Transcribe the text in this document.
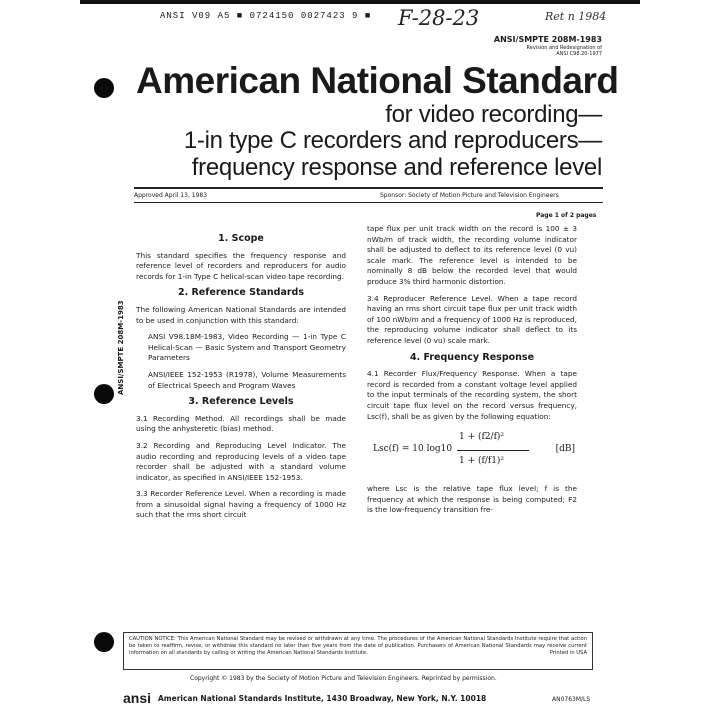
ANSI V09 A5 ■ 0724150 0027423 9 ■ F-28-23	Ret n 1984
ANSI/SMPTE 208M-1983
Revision and Redesignation of
ANSI C98.20-1977
American National Standard
for video recording—
1-in type C recorders and reproducers—
frequency response and reference level
Approved April 13, 1983	Sponsor: Society of Motion Picture and Television Engineers
Page 1 of 2 pages
ANSI/SMPTE 208M-1983
1. Scope

This standard specifies the frequency response and reference level of recorders and reproducers for audio records for 1-in Type C helical-scan video tape recording.

2. Reference Standards

The following American National Standards are intended to be used in conjunction with this standard:

ANSI V98.18M-1983, Video Recording — 1-in Type C Helical-Scan — Basic System and Transport Geometry Parameters

ANSI/IEEE 152-1953 (R1978), Volume Measurements of Electrical Speech and Program Waves

3. Reference Levels

3.1 Recording Method. All recordings shall be made using the anhysteretic (bias) method.

3.2 Recording and Reproducing Level Indicator. The audio recording and reproducing levels of a video tape recorder shall be adjusted with a standard volume indicator, as specified in ANSI/IEEE 152-1953.

3.3 Recorder Reference Level. When a recording is made from a sinusoidal signal having a frequency of 1000 Hz such that the rms short circuit

tape flux per unit track width on the record is 100 ± 3 nWb/m of track width, the recording volume indicator shall be adjusted to deflect to its reference level (0 vu) scale mark. The reference level is intended to be nominally 8 dB below the recorded level that would produce 3% third harmonic distortion.

3.4 Reproducer Reference Level. When a tape record having an rms short circuit tape flux per unit track width of 100 nWb/m and a frequency of 1000 Hz is reproduced, the reproducing volume indicator shall deflect to its reference level (0 vu) scale mark.

4. Frequency Response

4.1 Recorder Flux/Frequency Response. When a tape record is recorded from a constant voltage level applied to the input terminals of the recording system, the short circuit tape flux level on the record versus frequency, Lsc(f), shall be as given by the following equation:

Lsc(f) = 10 log10
1 + (f2/f)²
1 + (f/f1)²
[dB]

where Lsc is the relative tape flux level; f is the frequency at which the response is being computed; F2 is the low-frequency transition fre-

CAUTION NOTICE: This American National Standard may be revised or withdrawn at any time. The procedures of the American National Standards Institute require that action be taken to reaffirm, revise, or withdraw this standard no later than five years from the date of publication. Purchasers of American National Standards may receive current information on all standards by calling or writing the American National Standards Institute.	Printed in USA
Copyright © 1983 by the Society of Motion Picture and Television Engineers. Reprinted by permission.
ansi American National Standards Institute, 1430 Broadway, New York, N.Y. 10018	AN0763M/LS
